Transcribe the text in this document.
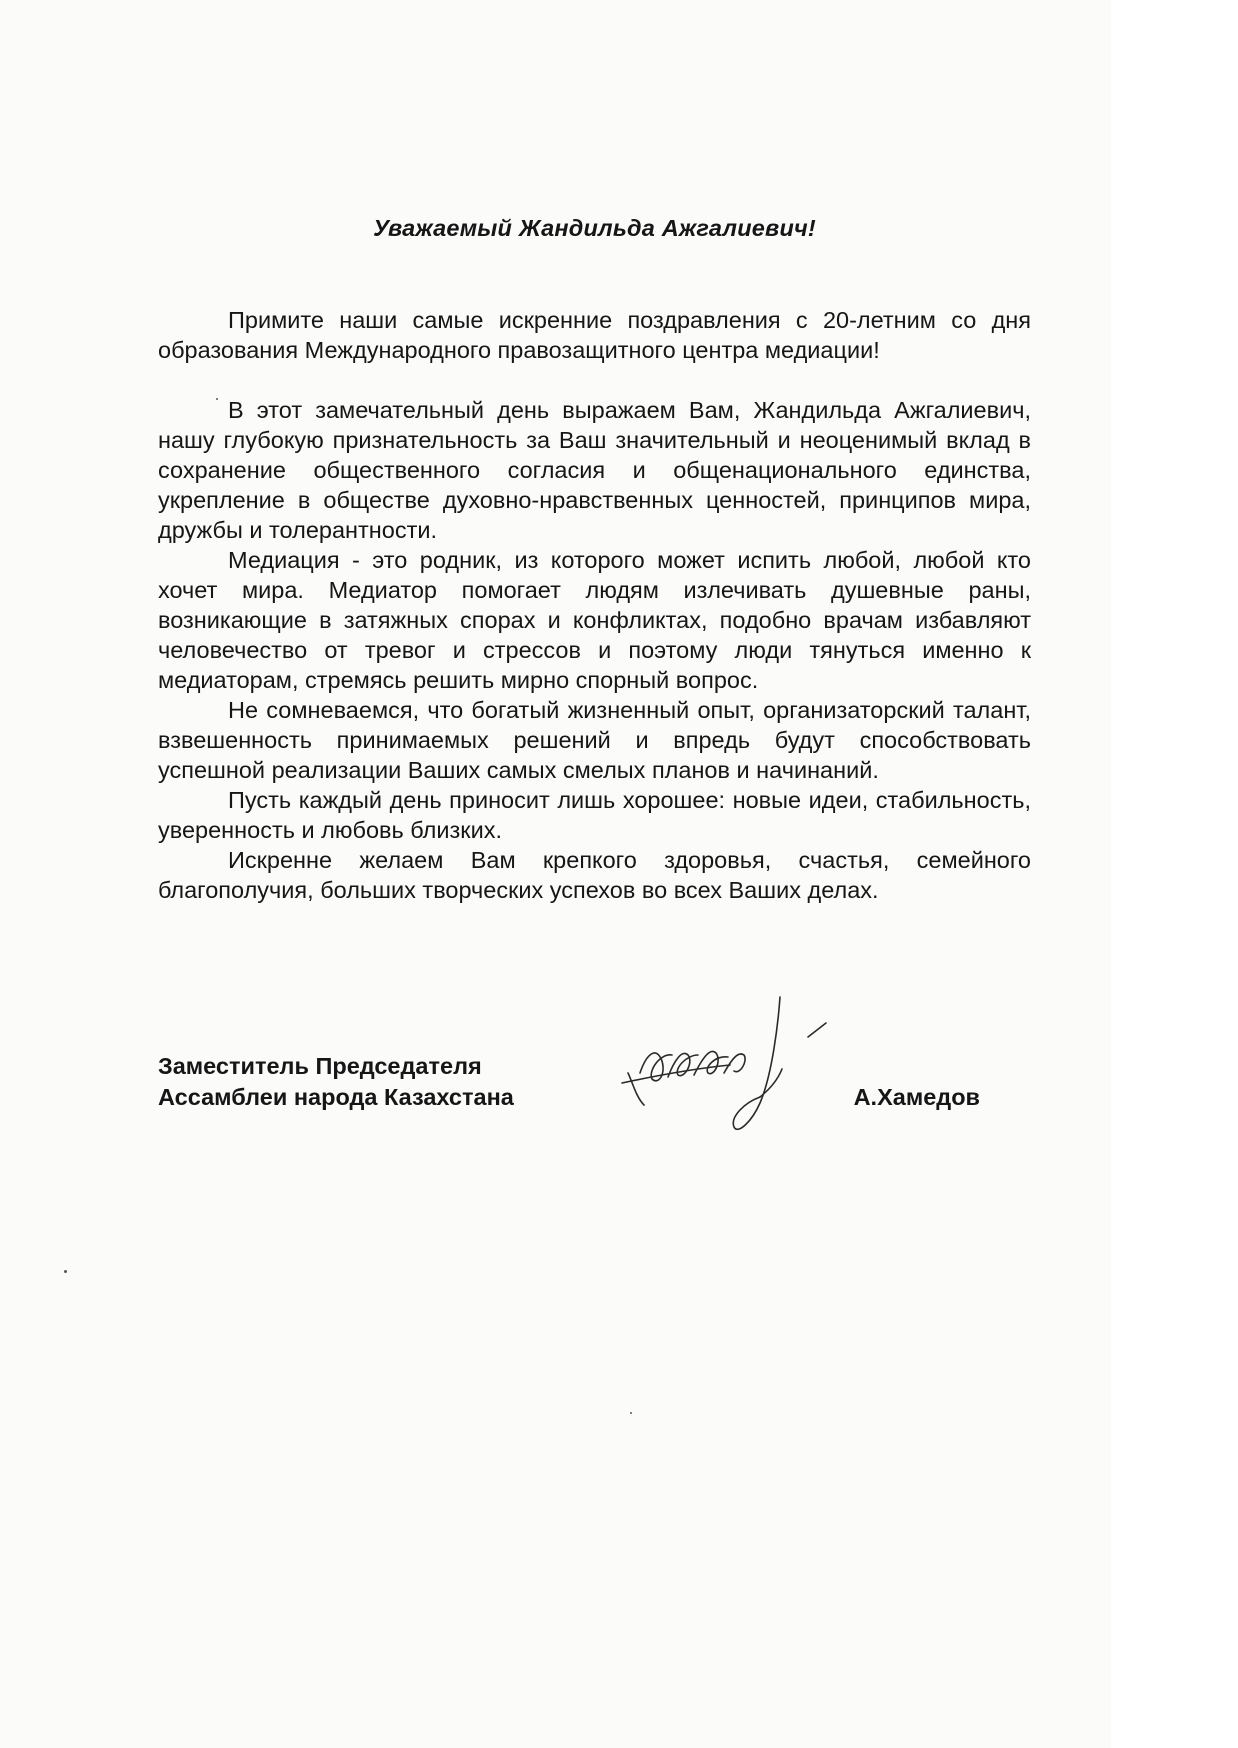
Уважаемый Жандильда Ажгалиевич!

Примите наши самые искренние поздравления с 20-летним со дня образования Международного правозащитного центра медиации!

В этот замечательный день выражаем Вам, Жандильда Ажгалиевич, нашу глубокую признательность за Ваш значительный и неоценимый вклад в сохранение общественного согласия и общенационального единства, укрепление в обществе духовно-нравственных ценностей, принципов мира, дружбы и толерантности.

Медиация - это родник, из которого может испить любой, любой кто хочет мира. Медиатор помогает людям излечивать душевные раны, возникающие в затяжных спорах и конфликтах, подобно врачам избавляют человечество от тревог и стрессов и поэтому люди тянуться именно к медиаторам, стремясь решить мирно спорный вопрос.

Не сомневаемся, что богатый жизненный опыт, организаторский талант, взвешенность принимаемых решений и впредь будут способствовать успешной реализации Ваших самых смелых планов и начинаний.

Пусть каждый день приносит лишь хорошее: новые идеи, стабильность, уверенность и любовь близких.

Искренне желаем Вам крепкого здоровья, счастья, семейного благополучия, больших творческих успехов во всех Ваших делах.

Заместитель Председателя
Ассамблеи народа Казахстана	А.Хамедов
